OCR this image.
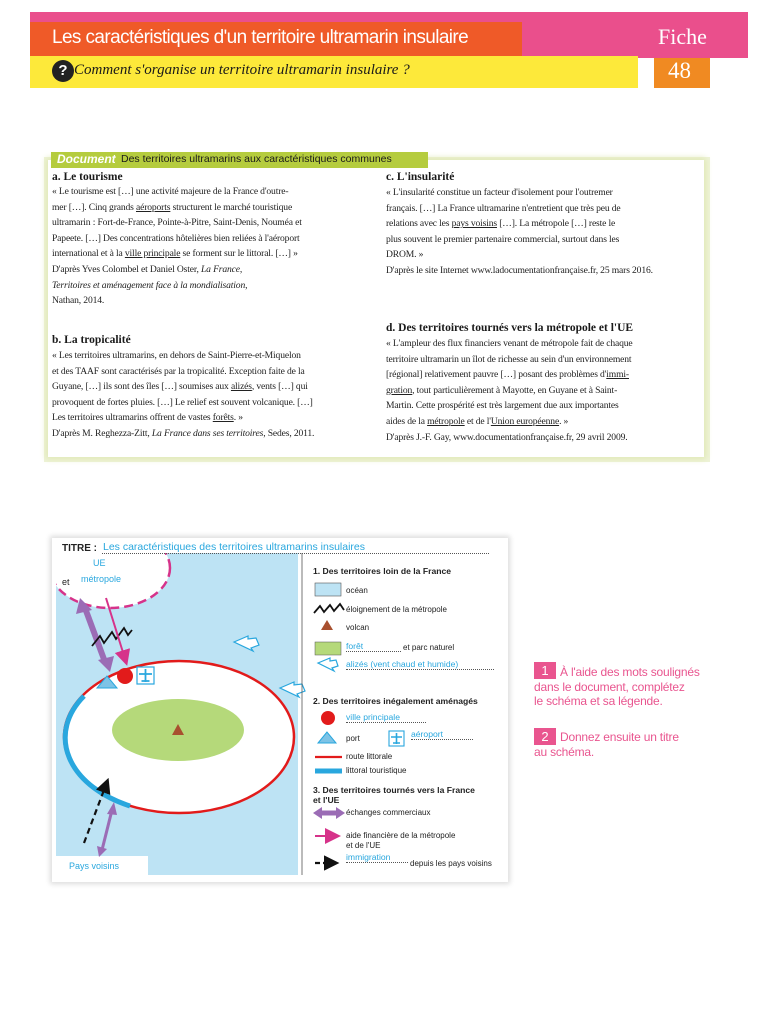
Les caractéristiques d'un territoire ultramarin insulaire
? Comment s'organise un territoire ultramarin insulaire ?
Fiche
48
Document Des territoires ultramarins aux caractéristiques communes
a. Le tourisme
« Le tourisme est […] une activité majeure de la France d'outre-
mer […]. Cinq grands aéroports structurent le marché touristique
ultramarin : Fort-de-France, Pointe-à-Pitre, Saint-Denis, Nouméa et
Papeete. […] Des concentrations hôtelières bien reliées à l'aéroport
international et à la ville principale se forment sur le littoral. […] »
D'après Yves Colombel et Daniel Oster, La France,
Territoires et aménagement face à la mondialisation,
Nathan, 2014.
b. La tropicalité
« Les territoires ultramarins, en dehors de Saint-Pierre-et-Miquelon
et des TAAF sont caractérisés par la tropicalité. Exception faite de la
Guyane, […] ils sont des îles […] soumises aux alizés, vents […] qui
provoquent de fortes pluies. […] Le relief est souvent volcanique. […]
Les territoires ultramarins offrent de vastes forêts. »
D'après M. Reghezza-Zitt, La France dans ses territoires, Sedes, 2011.
c. L'insularité
« L'insularité constitue un facteur d'isolement pour l'outremer
français. […] La France ultramarine n'entretient que très peu de
relations avec les pays voisins […]. La métropole […] reste le
plus souvent le premier partenaire commercial, surtout dans les
DROM. »
D'après le site Internet www.ladocumentationfrançaise.fr, 25 mars 2016.
d. Des territoires tournés vers la métropole et l'UE
« L'ampleur des flux financiers venant de métropole fait de chaque
territoire ultramarin un îlot de richesse au sein d'un environnement
[régional] relativement pauvre […] posant des problèmes d'immi-
gration, tout particulièrement à Mayotte, en Guyane et à Saint-
Martin. Cette prospérité est très largement due aux importantes
aides de la métropole et de l'Union européenne. »
D'après J.-F. Gay, www.documentationfrançaise.fr, 29 avril 2009.
TITRE : Les caractéristiques des territoires ultramarins insulaires
UE
et métropole
Pays voisins
1. Des territoires loin de la France
océan
éloignement de la métropole
volcan
forêt	et parc naturel
alizés (vent chaud et humide)
2. Des territoires inégalement aménagés
ville principale
port	aéroport
route littorale
littoral touristique
3. Des territoires tournés vers la France
et l'UE
échanges commerciaux
aide financière de la métropole
et de l'UE
immigration
depuis les pays voisins
1 À l'aide des mots soulignés
dans le document, complétez
le schéma et sa légende.
2 Donnez ensuite un titre
au schéma.
